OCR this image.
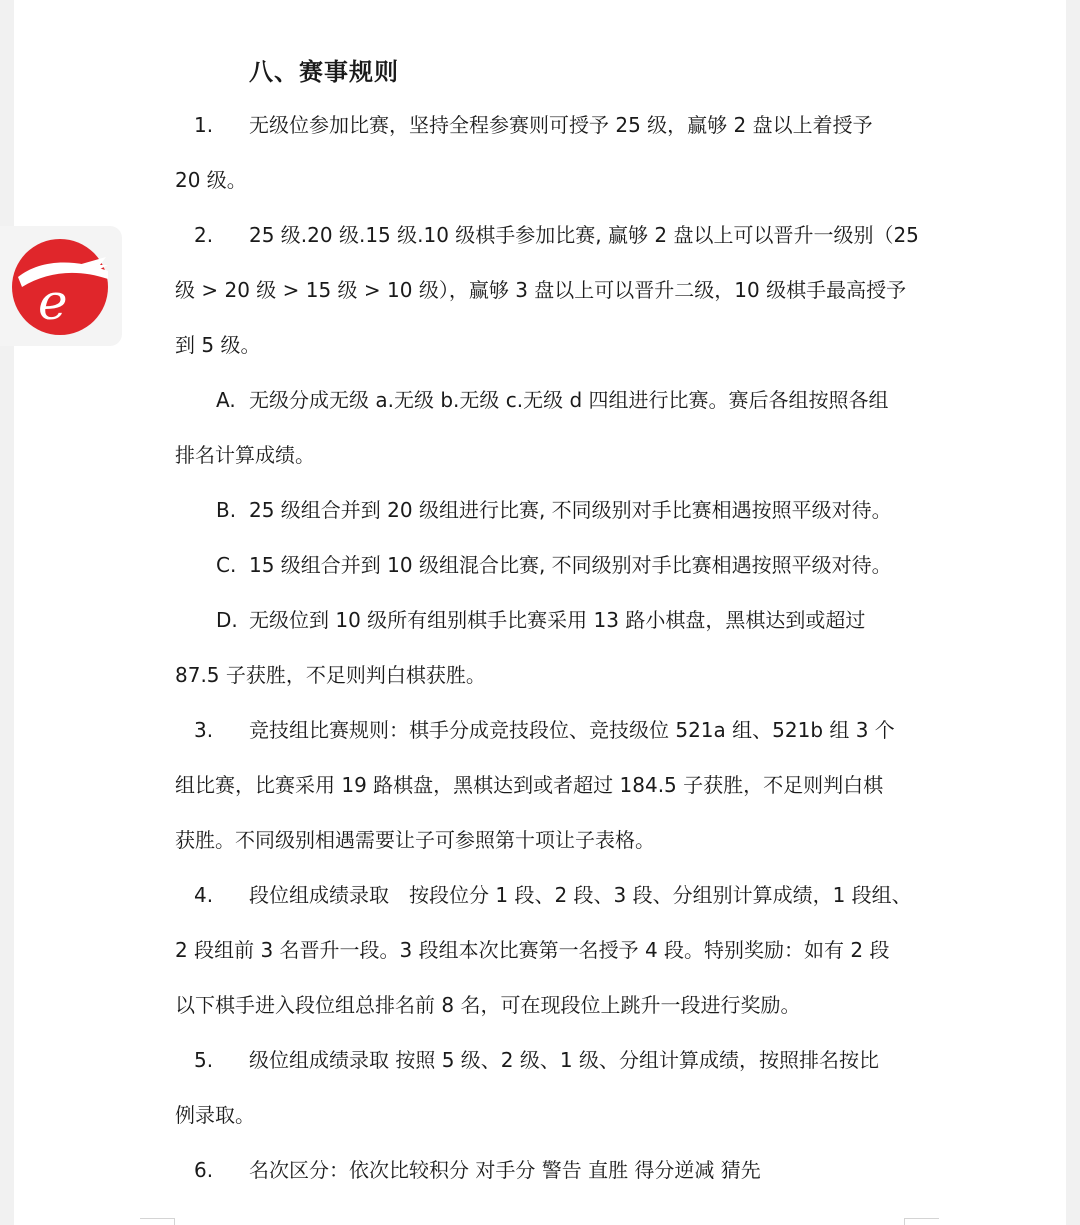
八、赛事规则
1. 无级位参加比赛，坚持全程参赛则可授予 25 级，赢够 2 盘以上着授予
20 级。
2. 25 级.20 级.15 级.10 级棋手参加比赛, 赢够 2 盘以上可以晋升一级别（25
级 > 20 级 > 15 级 > 10 级），赢够 3 盘以上可以晋升二级，10 级棋手最高授予
到 5 级。
A. 无级分成无级 a.无级 b.无级 c.无级 d 四组进行比赛。赛后各组按照各组
排名计算成绩。
B. 25 级组合并到 20 级组进行比赛, 不同级别对手比赛相遇按照平级对待。
C. 15 级组合并到 10 级组混合比赛, 不同级别对手比赛相遇按照平级对待。
D. 无级位到 10 级所有组别棋手比赛采用 13 路小棋盘，黑棋达到或超过
87.5 子获胜，不足则判白棋获胜。
3. 竞技组比赛规则：棋手分成竞技段位、竞技级位 521a 组、521b 组 3 个
组比赛，比赛采用 19 路棋盘，黑棋达到或者超过 184.5 子获胜，不足则判白棋
获胜。不同级别相遇需要让子可参照第十项让子表格。
4. 段位组成绩录取　按段位分 1 段、2 段、3 段、分组别计算成绩，1 段组、
2 段组前 3 名晋升一段。3 段组本次比赛第一名授予 4 段。特别奖励：如有 2 段
以下棋手进入段位组总排名前 8 名，可在现段位上跳升一段进行奖励。
5. 级位组成绩录取 按照 5 级、2 级、1 级、分组计算成绩，按照排名按比
例录取。
6. 名次区分：依次比较积分 对手分 警告 直胜 得分逆减 猜先
e
